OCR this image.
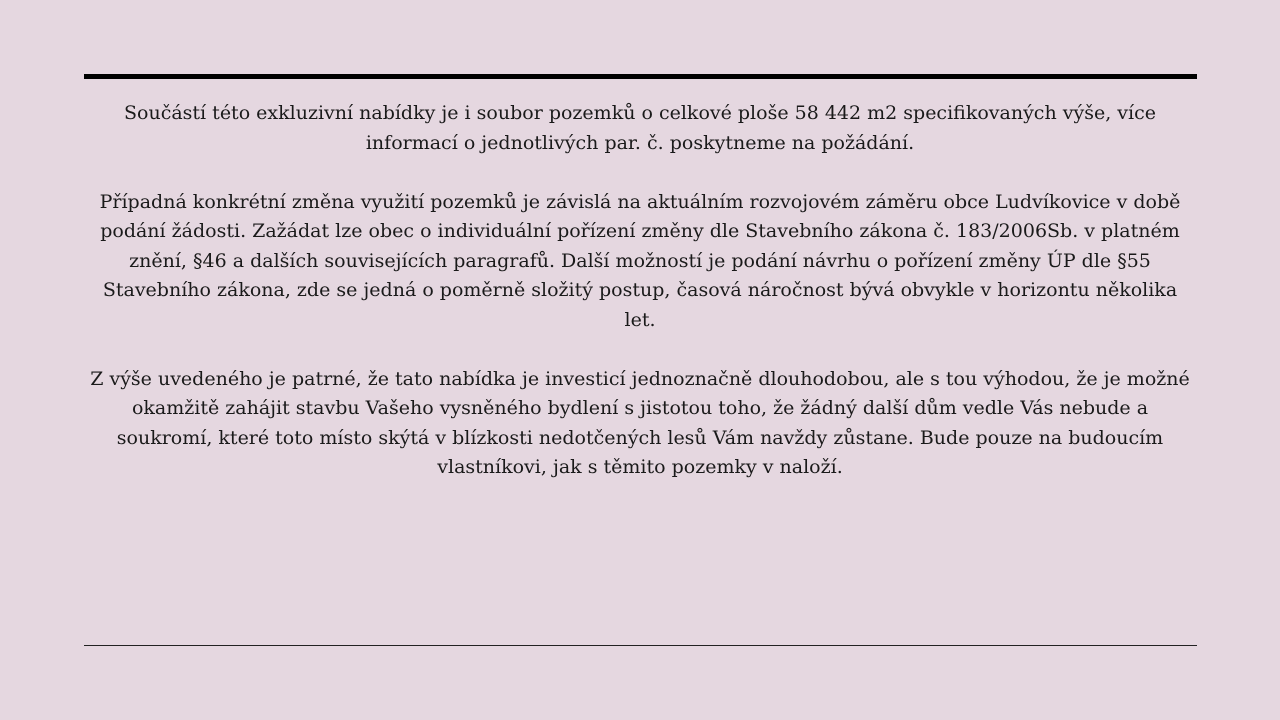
Součástí této exkluzivní nabídky je i soubor pozemků o celkové ploše 58 442 m2 specifikovaných výše, více informací o jednotlivých par. č. poskytneme na požádání.

Případná konkrétní změna využití pozemků je závislá na aktuálním rozvojovém záměru obce Ludvíkovice v době podání žádosti. Zažádat lze obec o individuální pořízení změny dle Stavebního zákona č. 183/2006Sb. v platném znění, §46 a dalších souvisejících paragrafů. Další možností je podání návrhu o pořízení změny ÚP dle §55 Stavebního zákona, zde se jedná o poměrně složitý postup, časová náročnost bývá obvykle v horizontu několika let.

Z výše uvedeného je patrné, že tato nabídka je investicí jednoznačně dlouhodobou, ale s tou výhodou, že je možné okamžitě zahájit stavbu Vašeho vysněného bydlení s jistotou toho, že žádný další dům vedle Vás nebude a soukromí, které toto místo skýtá v blízkosti nedotčených lesů Vám navždy zůstane. Bude pouze na budoucím vlastníkovi, jak s těmito pozemky v naloží.
